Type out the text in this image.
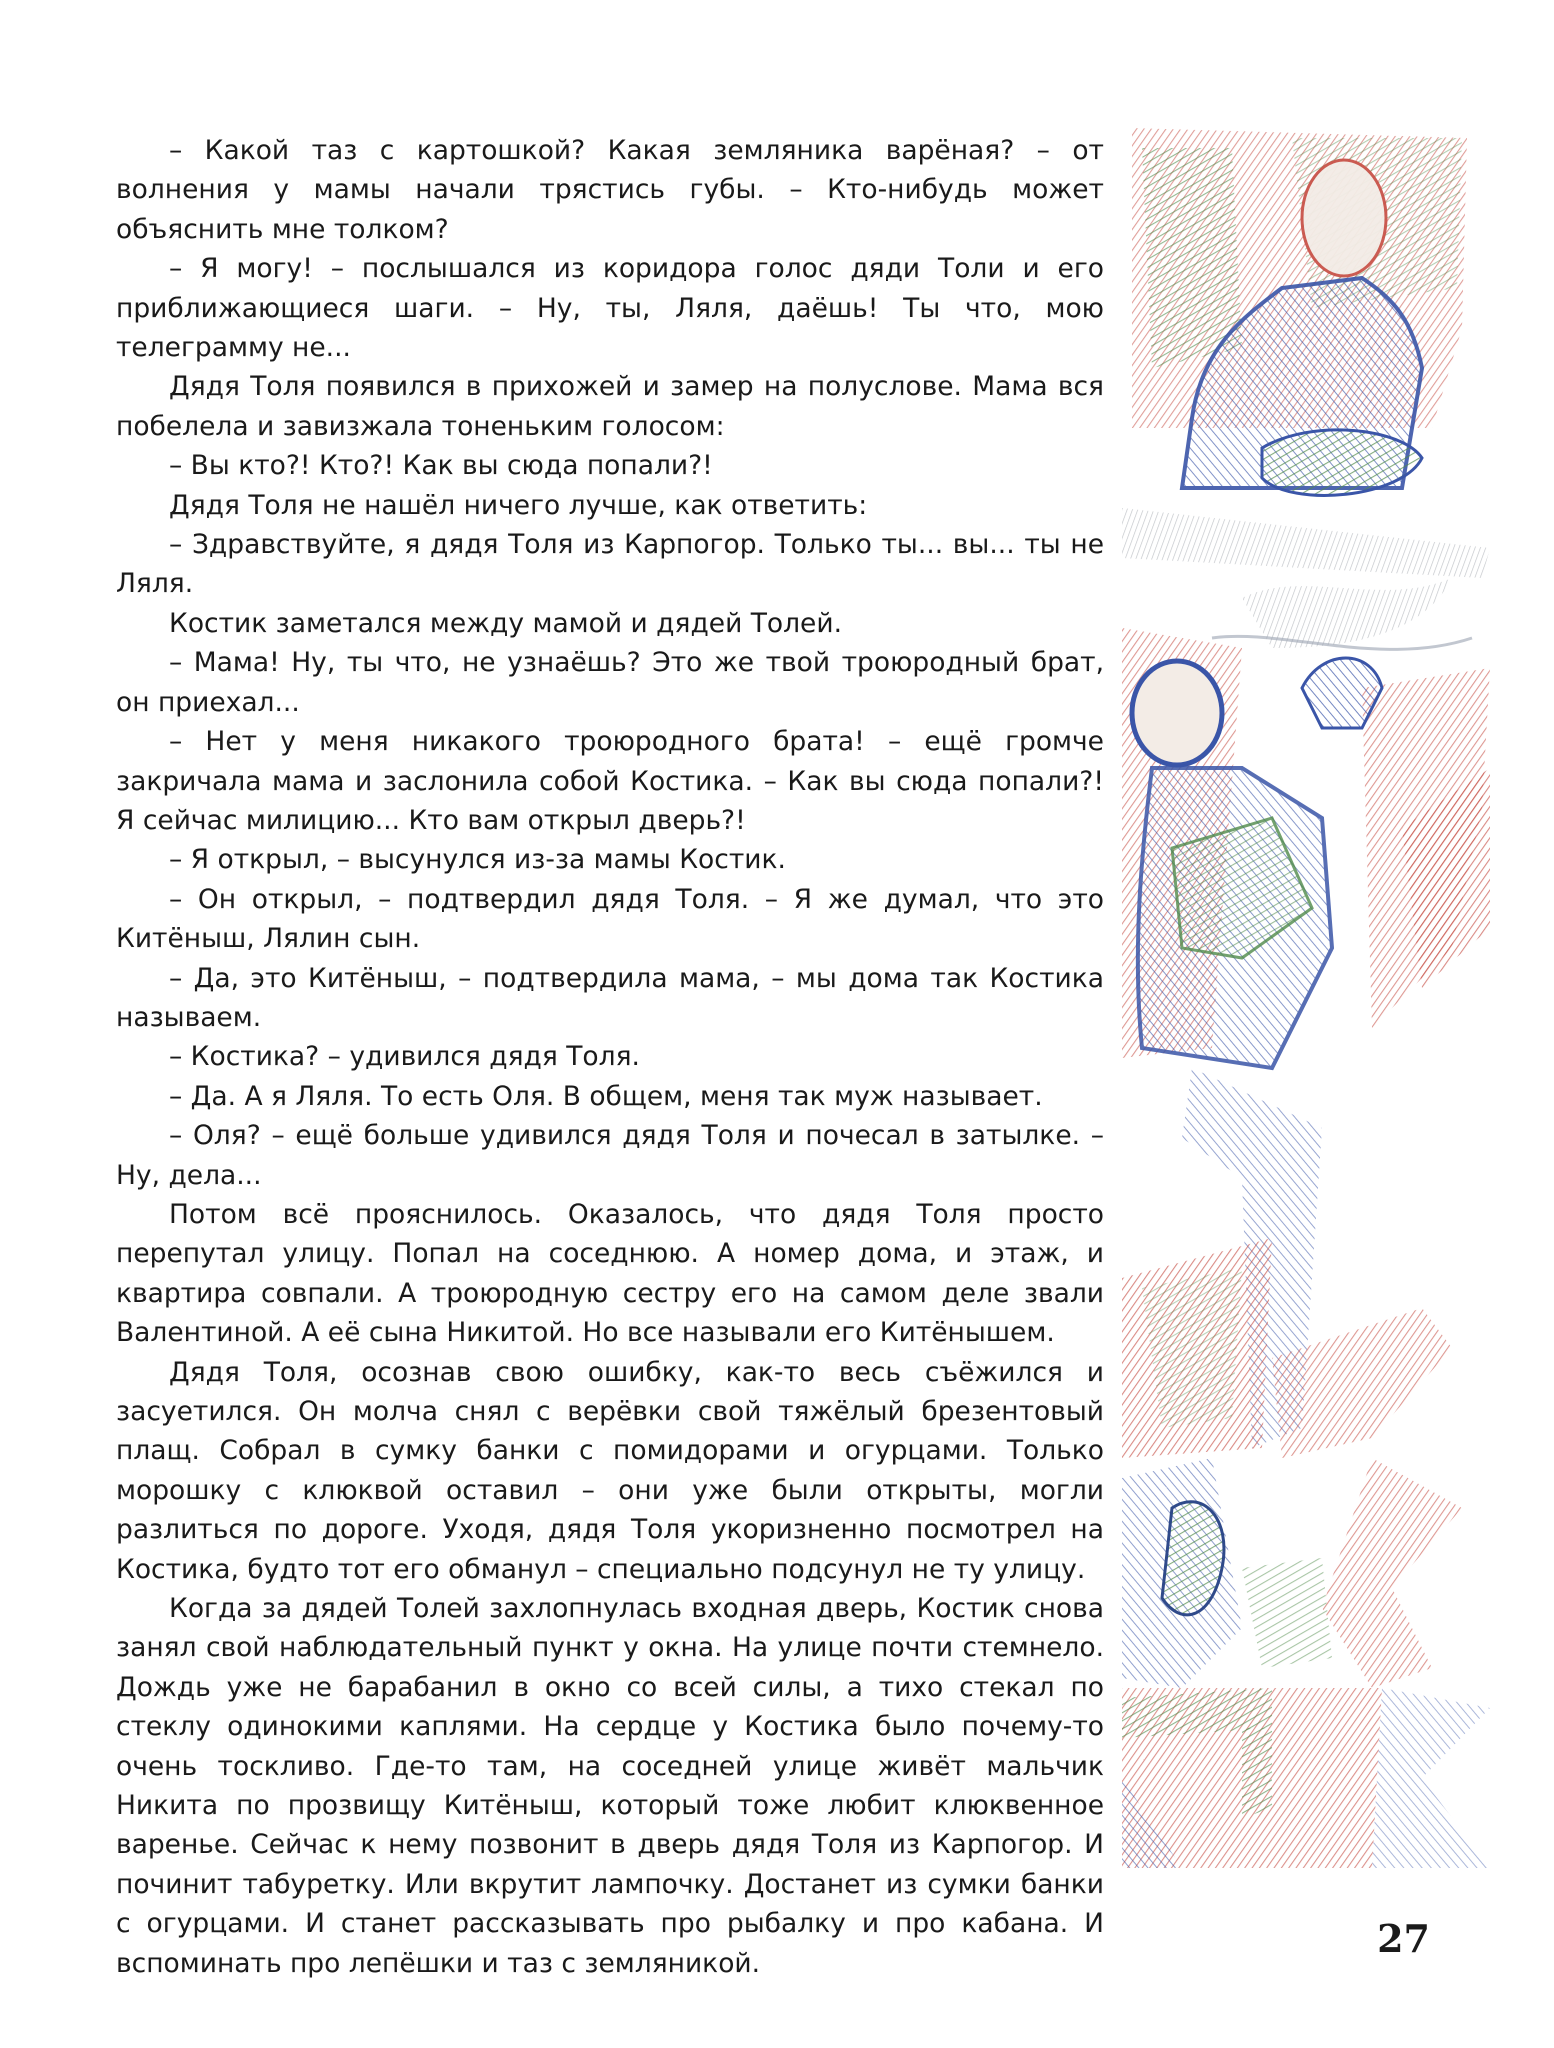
– Какой таз с картошкой? Какая земляника варёная? – от волнения у мамы начали трястись губы. – Кто-нибудь может объяснить мне толком?

– Я могу! – послышался из коридора голос дяди Толи и его приближающиеся шаги. – Ну, ты, Ляля, даёшь! Ты что, мою телеграмму не...

Дядя Толя появился в прихожей и замер на полуслове. Мама вся побелела и завизжала тоненьким голосом:

– Вы кто?! Кто?! Как вы сюда попали?!

Дядя Толя не нашёл ничего лучше, как ответить:

– Здравствуйте, я дядя Толя из Карпогор. Только ты... вы... ты не Ляля.

Костик заметался между мамой и дядей Толей.

– Мама! Ну, ты что, не узнаёшь? Это же твой троюродный брат, он приехал...

– Нет у меня никакого троюродного брата! – ещё громче закричала мама и заслонила собой Костика. – Как вы сюда попали?! Я сейчас милицию... Кто вам открыл дверь?!

– Я открыл, – высунулся из-за мамы Костик.

– Он открыл, – подтвердил дядя Толя. – Я же думал, что это Китёныш, Лялин сын.

– Да, это Китёныш, – подтвердила мама, – мы дома так Костика называем.

– Костика? – удивился дядя Толя.

– Да. А я Ляля. То есть Оля. В общем, меня так муж называет.

– Оля? – ещё больше удивился дядя Толя и почесал в затылке. – Ну, дела...

Потом всё прояснилось. Оказалось, что дядя Толя просто перепутал улицу. Попал на соседнюю. А номер дома, и этаж, и квартира совпали. А троюродную сестру его на самом деле звали Валентиной. А её сына Никитой. Но все называли его Китёнышем.

Дядя Толя, осознав свою ошибку, как-то весь съёжился и засуетился. Он молча снял с верёвки свой тяжёлый брезентовый плащ. Собрал в сумку банки с помидорами и огурцами. Только морошку с клюквой оставил – они уже были открыты, могли разлиться по дороге. Уходя, дядя Толя укоризненно посмотрел на Костика, будто тот его обманул – специально подсунул не ту улицу.

Когда за дядей Толей захлопнулась входная дверь, Костик снова занял свой наблюдательный пункт у окна. На улице почти стемнело. Дождь уже не барабанил в окно со всей силы, а тихо стекал по стеклу одинокими каплями. На сердце у Костика было почему-то очень тоскливо. Где-то там, на соседней улице живёт мальчик Никита по прозвищу Китёныш, который тоже любит клюквенное варенье. Сейчас к нему позвонит в дверь дядя Толя из Карпогор. И починит табуретку. Или вкрутит лампочку. Достанет из сумки банки с огурцами. И станет рассказывать про рыбалку и про кабана. И вспоминать про лепёшки и таз с земляникой.

27
